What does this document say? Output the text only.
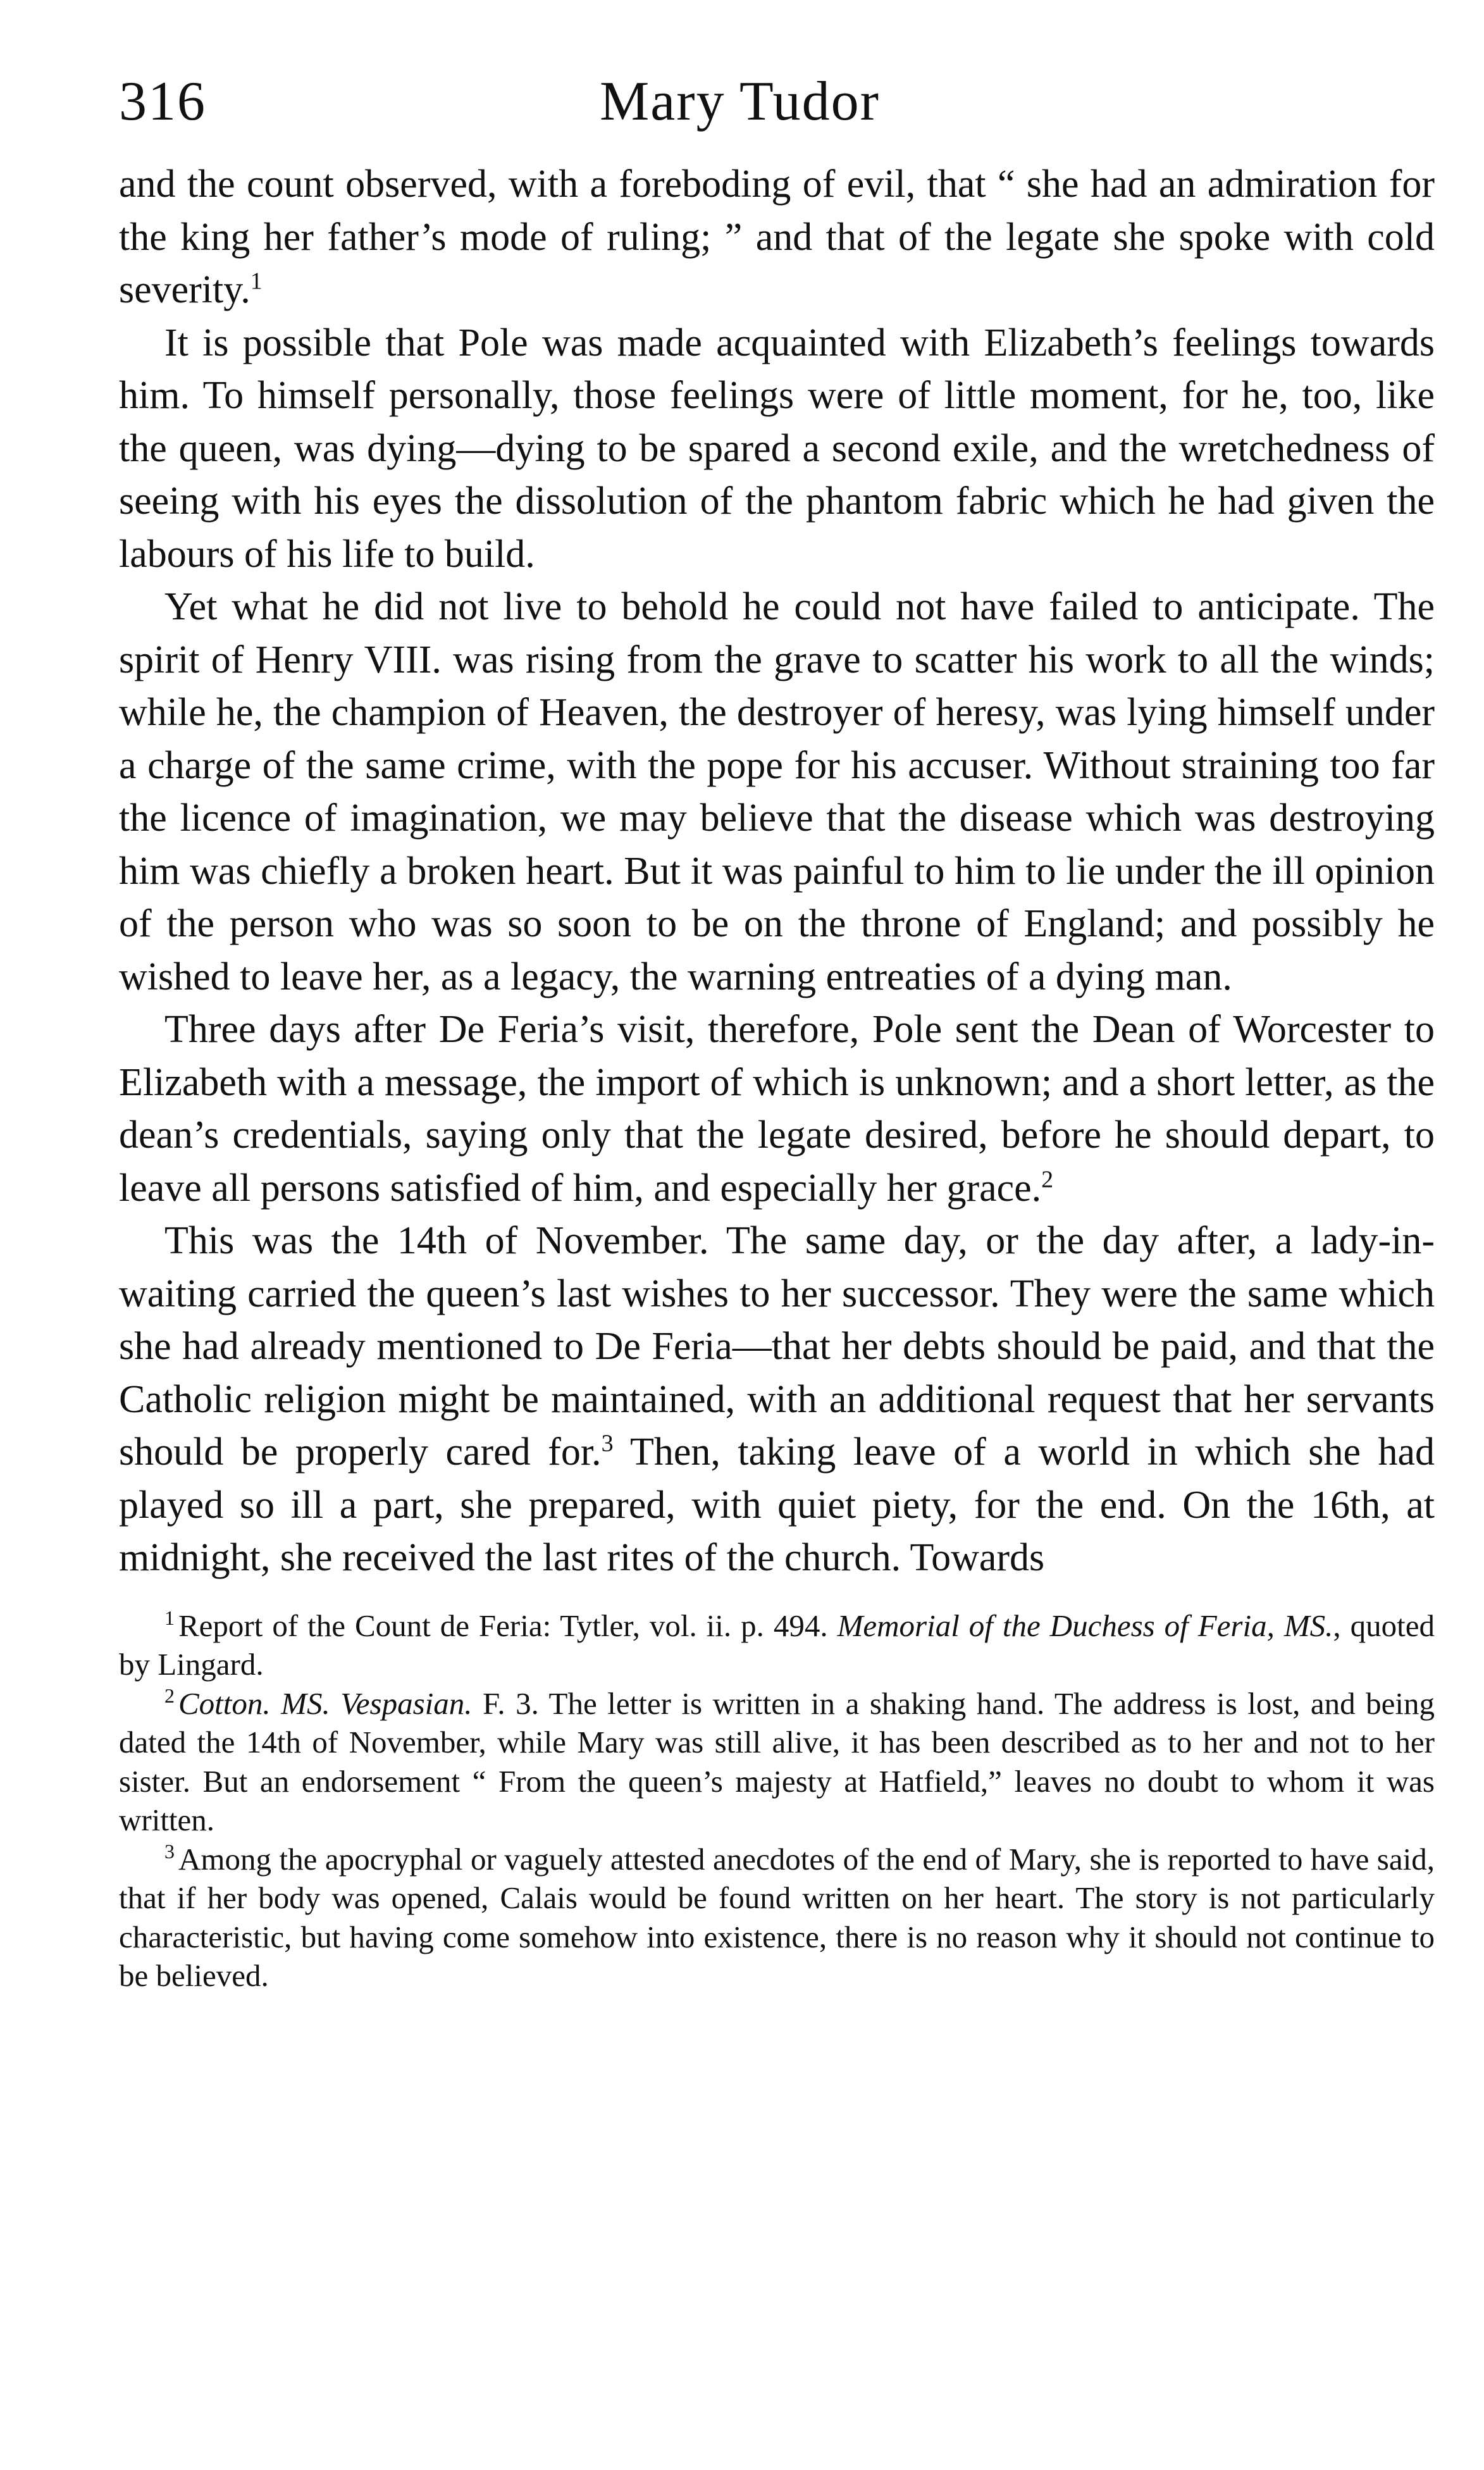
316	Mary Tudor

and the count observed, with a foreboding of evil, that “ she had an admiration for the king her father’s mode of ruling; ” and that of the legate she spoke with cold severity.$^1$

It is possible that Pole was made acquainted with Elizabeth’s feelings towards him. To himself personally, those feelings were of little moment, for he, too, like the queen, was dying—dying to be spared a second exile, and the wretchedness of seeing with his eyes the dissolution of the phantom fabric which he had given the labours of his life to build.

Yet what he did not live to behold he could not have failed to anticipate. The spirit of Henry VIII. was rising from the grave to scatter his work to all the winds; while he, the champion of Heaven, the destroyer of heresy, was lying himself under a charge of the same crime, with the pope for his accuser. Without straining too far the licence of imagination, we may believe that the disease which was destroying him was chiefly a broken heart. But it was painful to him to lie under the ill opinion of the person who was so soon to be on the throne of England; and possibly he wished to leave her, as a legacy, the warning entreaties of a dying man.

Three days after De Feria’s visit, therefore, Pole sent the Dean of Worcester to Elizabeth with a message, the import of which is unknown; and a short letter, as the dean’s credentials, saying only that the legate desired, before he should depart, to leave all persons satisfied of him, and especially her grace.$^2$

This was the 14th of November. The same day, or the day after, a lady-in-waiting carried the queen’s last wishes to her successor. They were the same which she had already mentioned to De Feria—that her debts should be paid, and that the Catholic religion might be maintained, with an additional request that her servants should be properly cared for.$^3$ Then, taking leave of a world in which she had played so ill a part, she prepared, with quiet piety, for the end. On the 16th, at midnight, she received the last rites of the church. Towards

$^1$ Report of the Count de Feria: Tytler, vol. ii. p. 494. Memorial of the Duchess of Feria, MS., quoted by Lingard.

$^2$ Cotton. MS. Vespasian. F. 3. The letter is written in a shaking hand. The address is lost, and being dated the 14th of November, while Mary was still alive, it has been described as to her and not to her sister. But an endorsement “ From the queen’s majesty at Hatfield,” leaves no doubt to whom it was written.

$^3$ Among the apocryphal or vaguely attested anecdotes of the end of Mary, she is reported to have said, that if her body was opened, Calais would be found written on her heart. The story is not particularly characteristic, but having come somehow into existence, there is no reason why it should not continue to be believed.
